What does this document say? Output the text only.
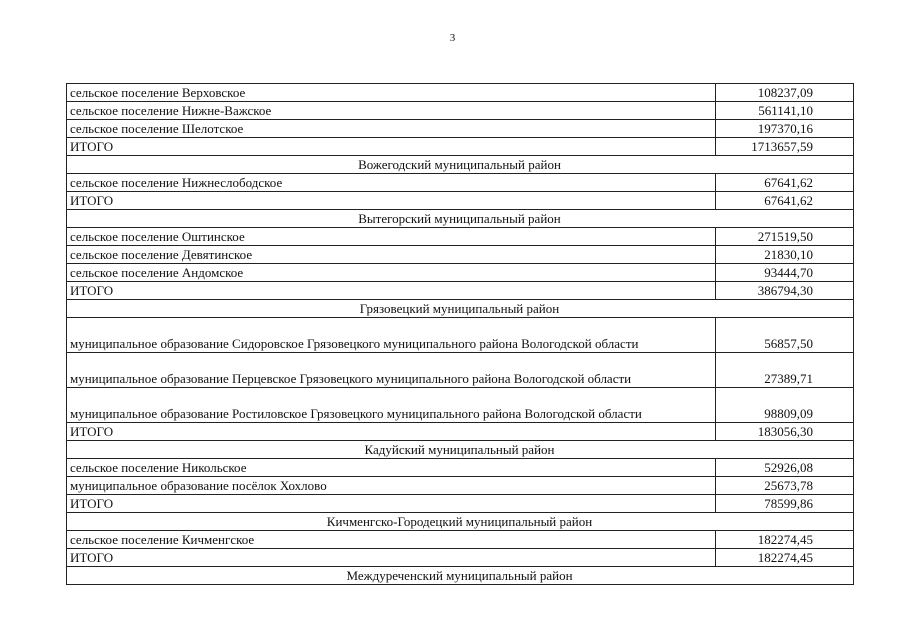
3
сельское поселение Верховское	108237,09
сельское поселение Нижне-Важское	561141,10
сельское поселение Шелотское	197370,16
ИТОГО	1713657,59
Вожегодский муниципальный район	
сельское поселение Нижнеслободское	67641,62
ИТОГО	67641,62
Вытегорский муниципальный район	
сельское поселение Оштинское	271519,50
сельское поселение Девятинское	21830,10
сельское поселение Андомское	93444,70
ИТОГО	386794,30
Грязовецкий муниципальный район	
муниципальное образование Сидоровское Грязовецкого муниципального района Вологодской области	56857,50
муниципальное образование Перцевское Грязовецкого муниципального района Вологодской области	27389,71
муниципальное образование Ростиловское Грязовецкого муниципального района Вологодской области	98809,09
ИТОГО	183056,30
Кадуйский муниципальный район	
сельское поселение Никольское	52926,08
муниципальное образование посёлок Хохлово	25673,78
ИТОГО	78599,86
Кичменгско-Городецкий муниципальный район	
сельское поселение Кичменгское	182274,45
ИТОГО	182274,45
Междуреченский муниципальный район	
